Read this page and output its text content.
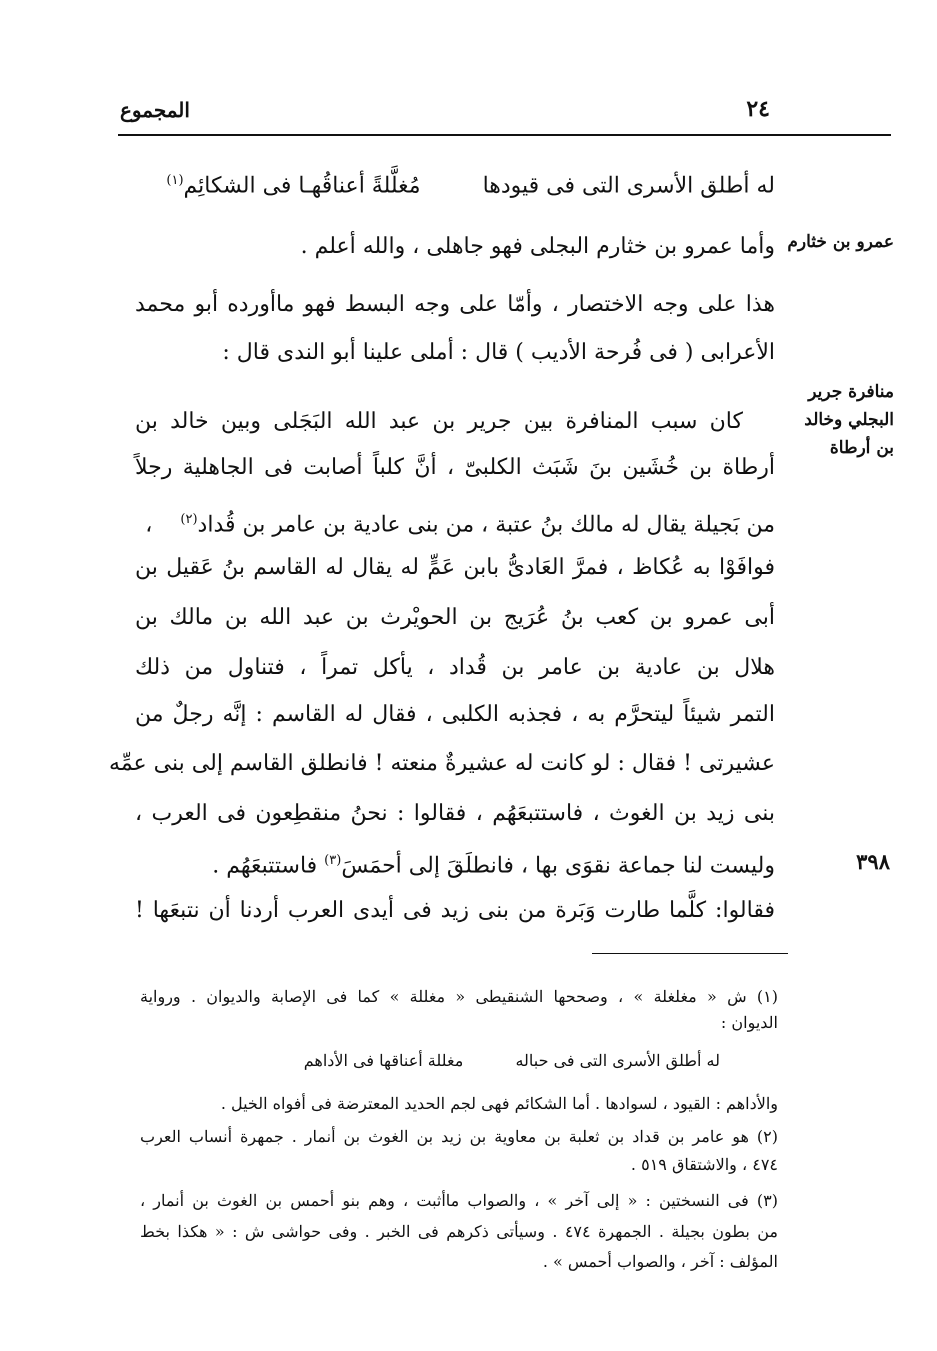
المجموع	٢٤
له أطلق الأسرى التى فى قيودها  مُغلَّلةً أعناقُهـا فى الشكائِم$^{(١)}$
عمرو بن خثارم
وأما عمرو بن خثارم البجلى فهو جاهلى ، والله أعلم .
هذا على وجه الاختصار ، وأمّا على وجه البسط فهو ماأورده أبو محمد
الأعرابى ( فى فُرحة الأديب ) قال : أملى علينا أبو الندى قال :
منافرة جرير
البجلي وخالد
بن أرطاة
كان سبب المنافرة بين جرير بن عبد الله البَجَلى وبين خالد بن
أرطاة بن خُشَين بنَ شَبَث الكلبىّ ، أنَّ كلباً أصابت فى الجاهلية رجلاً
من بَجيلة يقال له مالك بنُ عتبة ، من بنى عادية بن عامر بن قُداد$^{(٢)}$  ،
فوافَوْا به عُكاظ ، فمرَّ العَادىُّ بابن عَمٍّ له يقال له القاسم بنُ عَقيل بن
أبى عمرو بن كعب بنُ عُرَيج بن الحويْرث بن عبد الله بن مالك بن
هلال بن عادية بن عامر بن قُداد ، يأكل تمراً ، فتناول من ذلك
التمر شيئاً ليتحرَّم به ، فجذبه الكلبى ، فقال له القاسم : إنَّه رجلٌ من
عشيرتى ! فقال : لو كانت له عشيرةٌ منعته ! فانطلق القاسم إلى بنى عمِّه
بنى زيد بن الغوث ، فاستتبعَهُم ، فقالوا : نحنُ منقطِعون فى العرب ،
٣٩٨
وليست لنا جماعة نقوَى بها ، فانطلَقَ إلى أحمَسَ$^{(٣)}$ فاستتبعَهُم .
فقالوا: كلَّما طارت وَبَرة من بنى زيد فى أيدى العرب أردنا أن نتبعَها !
(١) ش « مغلغلة » ، وصححها الشنقيطى « مغللة » كما فى الإصابة والديوان . ورواية
الديوان :
له أطلق الأسرى التى فى حباله  مغللة أعناقها فى الأداهم
والأداهم : القيود ، لسوادها . أما الشكائم فهى لجم الحديد المعترضة فى أفواه الخيل .
(٢) هو عامر بن قداد بن ثعلبة بن معاوية بن زيد بن الغوث بن أنمار . جمهرة أنساب العرب
٤٧٤ ، والاشتقاق ٥١٩ .
(٣) فى النسختين : « إلى آخر » ، والصواب ماأثبت ، وهم بنو أحمس بن الغوث بن أنمار ،
من بطون بجيلة . الجمهرة ٤٧٤ . وسيأتى ذكرهم فى الخبر . وفى حواشى ش : « هكذا بخط
المؤلف : آخر ، والصواب أحمس » .
